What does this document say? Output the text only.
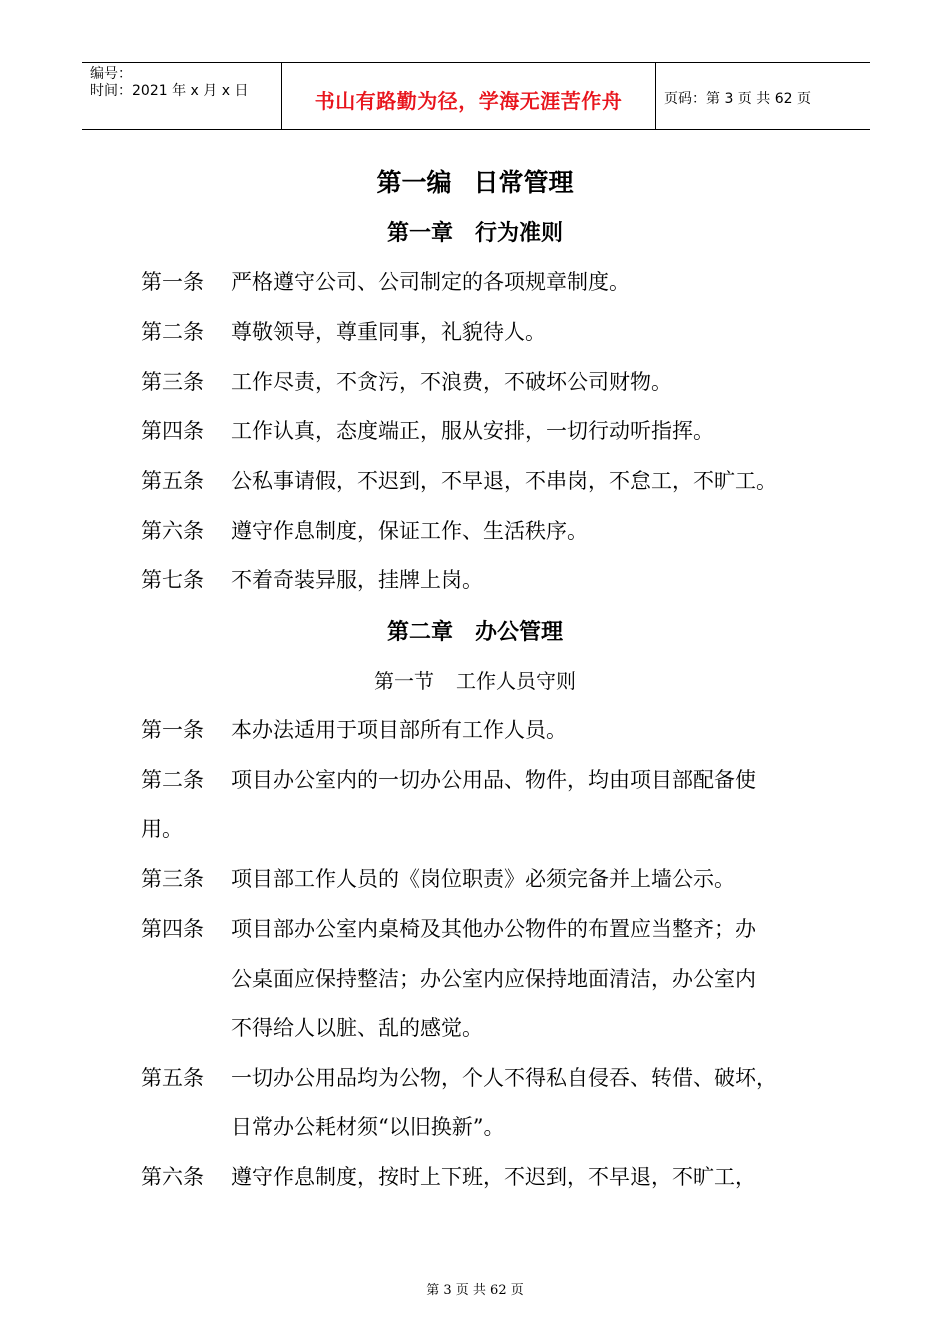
编号：
时间：2021 年 x 月 x 日	书山有路勤为径，学海无涯苦作舟	页码：第 3 页 共 62 页
第一编 日常管理
第一章 行为准则
第一条 严格遵守公司、公司制定的各项规章制度。
第二条 尊敬领导，尊重同事，礼貌待人。
第三条 工作尽责，不贪污，不浪费，不破坏公司财物。
第四条 工作认真，态度端正，服从安排，一切行动听指挥。
第五条 公私事请假，不迟到，不早退，不串岗，不怠工，不旷工。
第六条 遵守作息制度，保证工作、生活秩序。
第七条 不着奇装异服，挂牌上岗。
第二章 办公管理
第一节 工作人员守则
第一条 本办法适用于项目部所有工作人员。
第二条 项目办公室内的一切办公用品、物件，均由项目部配备使
用。
第三条 项目部工作人员的《岗位职责》必须完备并上墙公示。
第四条 项目部办公室内桌椅及其他办公物件的布置应当整齐；办
公桌面应保持整洁；办公室内应保持地面清洁，办公室内
不得给人以脏、乱的感觉。
第五条 一切办公用品均为公物，个人不得私自侵吞、转借、破坏，
日常办公耗材须“以旧换新”。
第六条 遵守作息制度，按时上下班，不迟到，不早退，不旷工，
第 3 页 共 62 页
